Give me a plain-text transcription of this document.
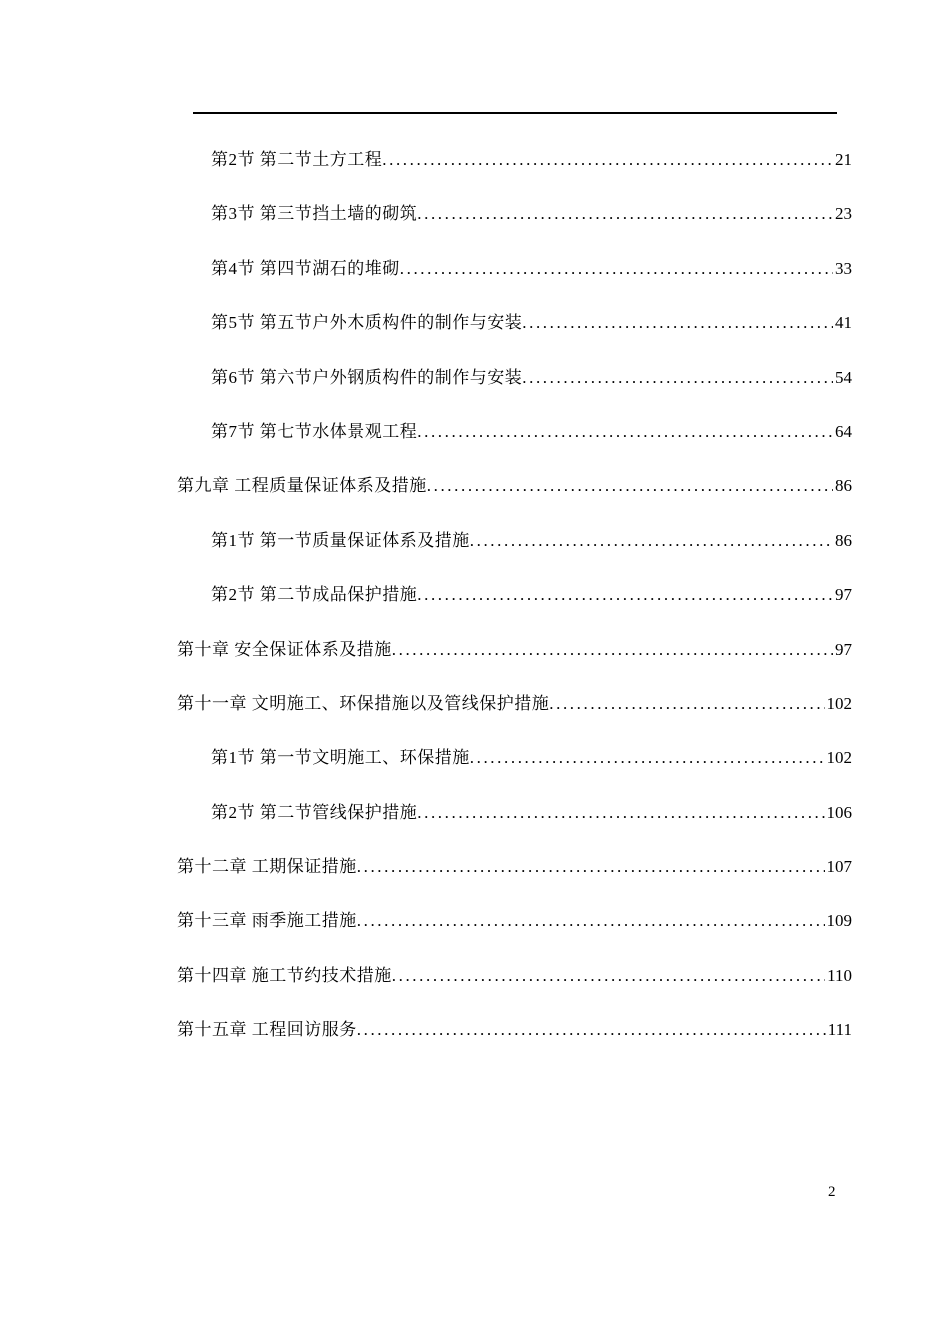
第2节 第二节土方工程 .....	21
第3节 第三节挡土墙的砌筑 .....	23
第4节 第四节湖石的堆砌 .....	33
第5节 第五节户外木质构件的制作与安装 .....	41
第6节 第六节户外钢质构件的制作与安装 .....	54
第7节 第七节水体景观工程 .....	64
第九章 工程质量保证体系及措施 .....	86
第1节 第一节质量保证体系及措施 .....	86
第2节 第二节成品保护措施 .....	97
第十章 安全保证体系及措施 .....	97
第十一章 文明施工、环保措施以及管线保护措施 .....	102
第1节 第一节文明施工、环保措施 .....	102
第2节 第二节管线保护措施 .....	106
第十二章 工期保证措施 .....	107
第十三章 雨季施工措施 .....	109
第十四章 施工节约技术措施 .....	110
第十五章 工程回访服务 .....	111
2
